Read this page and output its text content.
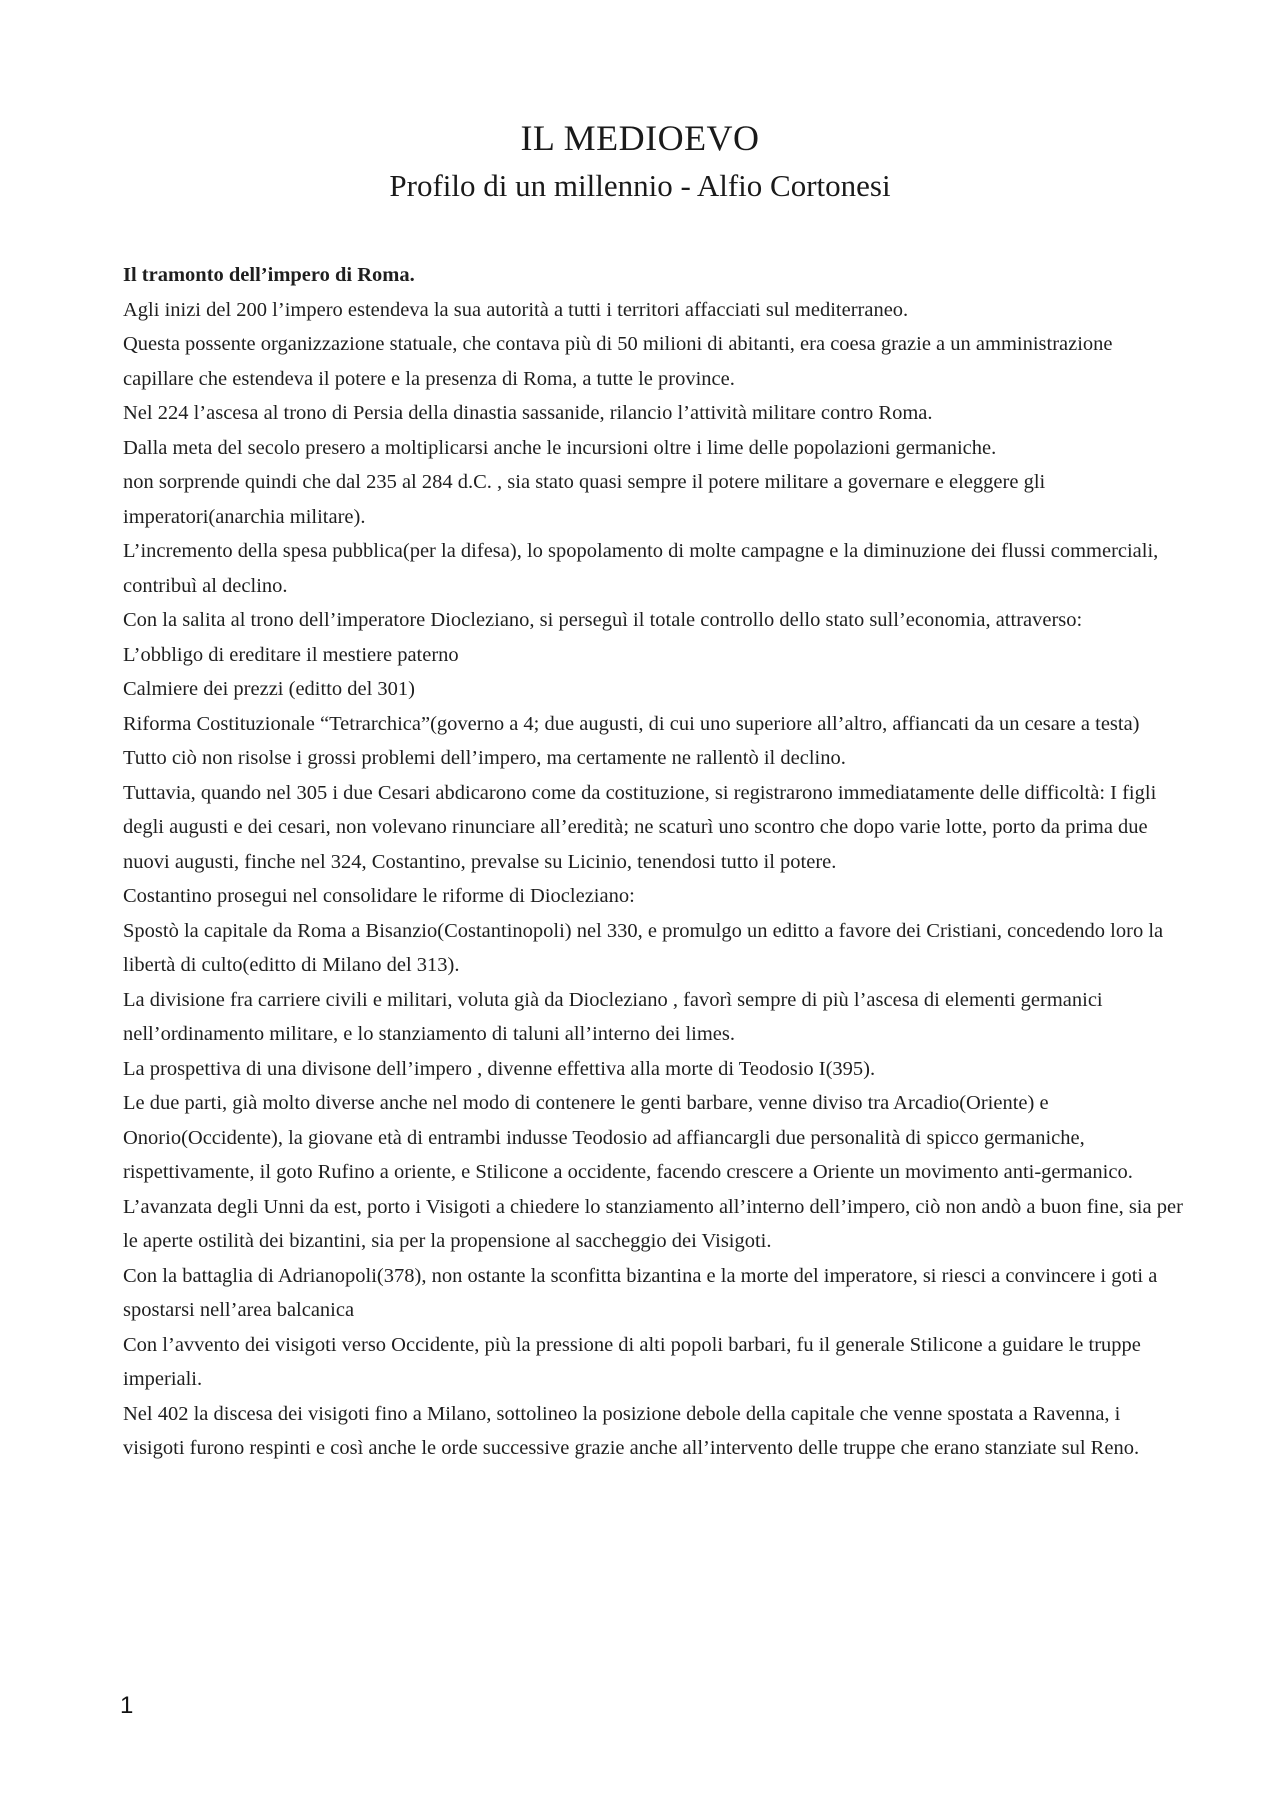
IL MEDIOEVO
Profilo di un millennio - Alfio Cortonesi

Il tramonto dell’impero di Roma.

Agli inizi del 200 l’impero estendeva la sua autorità a tutti i territori affacciati sul mediterraneo.

Questa possente organizzazione statuale, che contava più di 50 milioni di abitanti, era coesa grazie a un amministrazione capillare che estendeva il potere e la presenza di Roma, a tutte le province.

Nel 224 l’ascesa al trono di Persia della dinastia sassanide, rilancio l’attività militare contro Roma.

Dalla meta del secolo presero a moltiplicarsi anche le incursioni oltre i lime delle popolazioni germaniche.

non sorprende quindi che dal 235 al 284 d.C. , sia stato quasi sempre il potere militare a governare e eleggere gli imperatori(anarchia militare).

L’incremento della spesa pubblica(per la difesa), lo spopolamento di molte campagne e la diminuzione dei flussi commerciali, contribuì al declino.

Con la salita al trono dell’imperatore Diocleziano, si perseguì il totale controllo dello stato sull’economia, attraverso:

L’obbligo di ereditare il mestiere paterno

Calmiere dei prezzi (editto del 301)

Riforma Costituzionale “Tetrarchica”(governo a 4; due augusti, di cui uno superiore all’altro, affiancati da un cesare a testa)

Tutto ciò non risolse i grossi problemi dell’impero, ma certamente ne rallentò il declino.

Tuttavia, quando nel 305 i due Cesari abdicarono come da costituzione, si registrarono immediatamente delle difficoltà: I figli degli augusti e dei cesari, non volevano rinunciare all’eredità; ne scaturì uno scontro che dopo varie lotte, porto da prima due nuovi augusti, finche nel 324, Costantino, prevalse su Licinio, tenendosi tutto il potere.

Costantino prosegui nel consolidare le riforme di Diocleziano:

Spostò la capitale da Roma a Bisanzio(Costantinopoli) nel 330, e promulgo un editto a favore dei Cristiani, concedendo loro la libertà di culto(editto di Milano del 313).

La divisione fra carriere civili e militari, voluta già da Diocleziano , favorì sempre di più l’ascesa di elementi germanici nell’ordinamento militare, e lo stanziamento di taluni all’interno dei limes.

La prospettiva di una divisone dell’impero , divenne effettiva alla morte di Teodosio I(395).

Le due parti, già molto diverse anche nel modo di contenere le genti barbare, venne diviso tra Arcadio(Oriente) e Onorio(Occidente), la giovane età di entrambi indusse Teodosio ad affiancargli due personalità di spicco germaniche, rispettivamente, il goto Rufino a oriente, e Stilicone a occidente, facendo crescere a Oriente un movimento anti-germanico.

L’avanzata degli Unni da est, porto i Visigoti a chiedere lo stanziamento all’interno dell’impero, ciò non andò a buon fine, sia per le aperte ostilità dei bizantini, sia per la propensione al saccheggio dei Visigoti.

Con la battaglia di Adrianopoli(378), non ostante la sconfitta bizantina e la morte del imperatore, si riesci a convincere i goti a spostarsi nell’area balcanica

Con l’avvento dei visigoti verso Occidente, più la pressione di alti popoli barbari, fu il generale Stilicone a guidare le truppe imperiali.

Nel 402 la discesa dei visigoti fino a Milano, sottolineo la posizione debole della capitale che venne spostata a Ravenna, i visigoti furono respinti e così anche le orde successive grazie anche all’intervento delle truppe che erano stanziate sul Reno.

1
